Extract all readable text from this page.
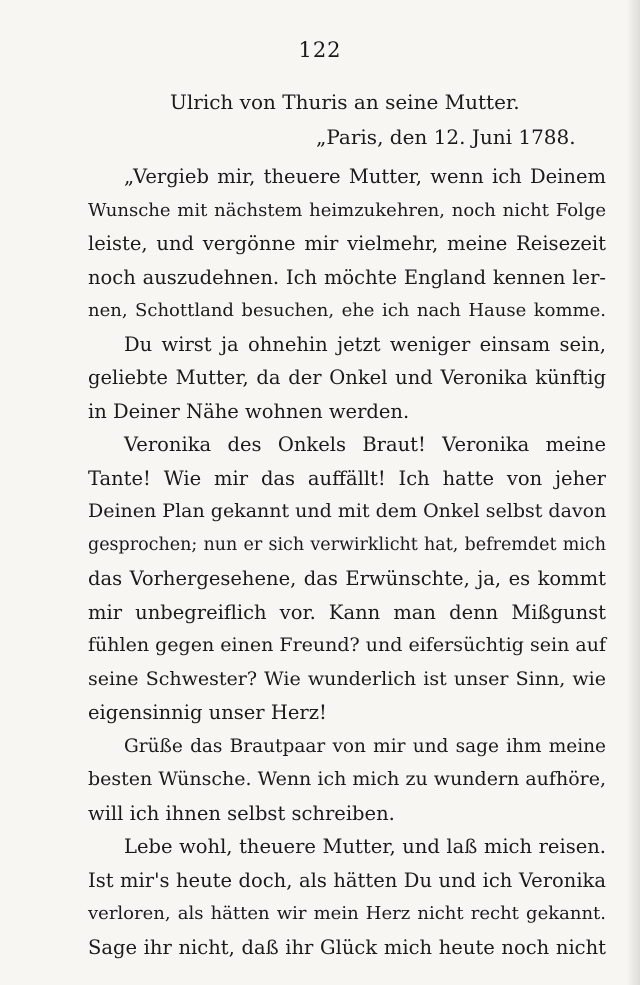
122
Ulrich von Thuris an seine Mutter.
„Paris, den 12. Juni 1788.
„Vergieb mir, theuere Mutter, wenn ich Deinem
Wunsche mit nächstem heimzukehren, noch nicht Folge
leiste, und vergönne mir vielmehr, meine Reisezeit
noch auszudehnen. Ich möchte England kennen ler-
nen, Schottland besuchen, ehe ich nach Hause komme.
Du wirst ja ohnehin jetzt weniger einsam sein,
geliebte Mutter, da der Onkel und Veronika künftig
in Deiner Nähe wohnen werden.
Veronika des Onkels Braut! Veronika meine
Tante! Wie mir das auffällt! Ich hatte von jeher
Deinen Plan gekannt und mit dem Onkel selbst davon
gesprochen; nun er sich verwirklicht hat, befremdet mich
das Vorhergesehene, das Erwünschte, ja, es kommt
mir unbegreiflich vor. Kann man denn Mißgunst
fühlen gegen einen Freund? und eifersüchtig sein auf
seine Schwester? Wie wunderlich ist unser Sinn, wie
eigensinnig unser Herz!
Grüße das Brautpaar von mir und sage ihm meine
besten Wünsche. Wenn ich mich zu wundern aufhöre,
will ich ihnen selbst schreiben.
Lebe wohl, theuere Mutter, und laß mich reisen.
Ist mir's heute doch, als hätten Du und ich Veronika
verloren, als hätten wir mein Herz nicht recht gekannt.
Sage ihr nicht, daß ihr Glück mich heute noch nicht
